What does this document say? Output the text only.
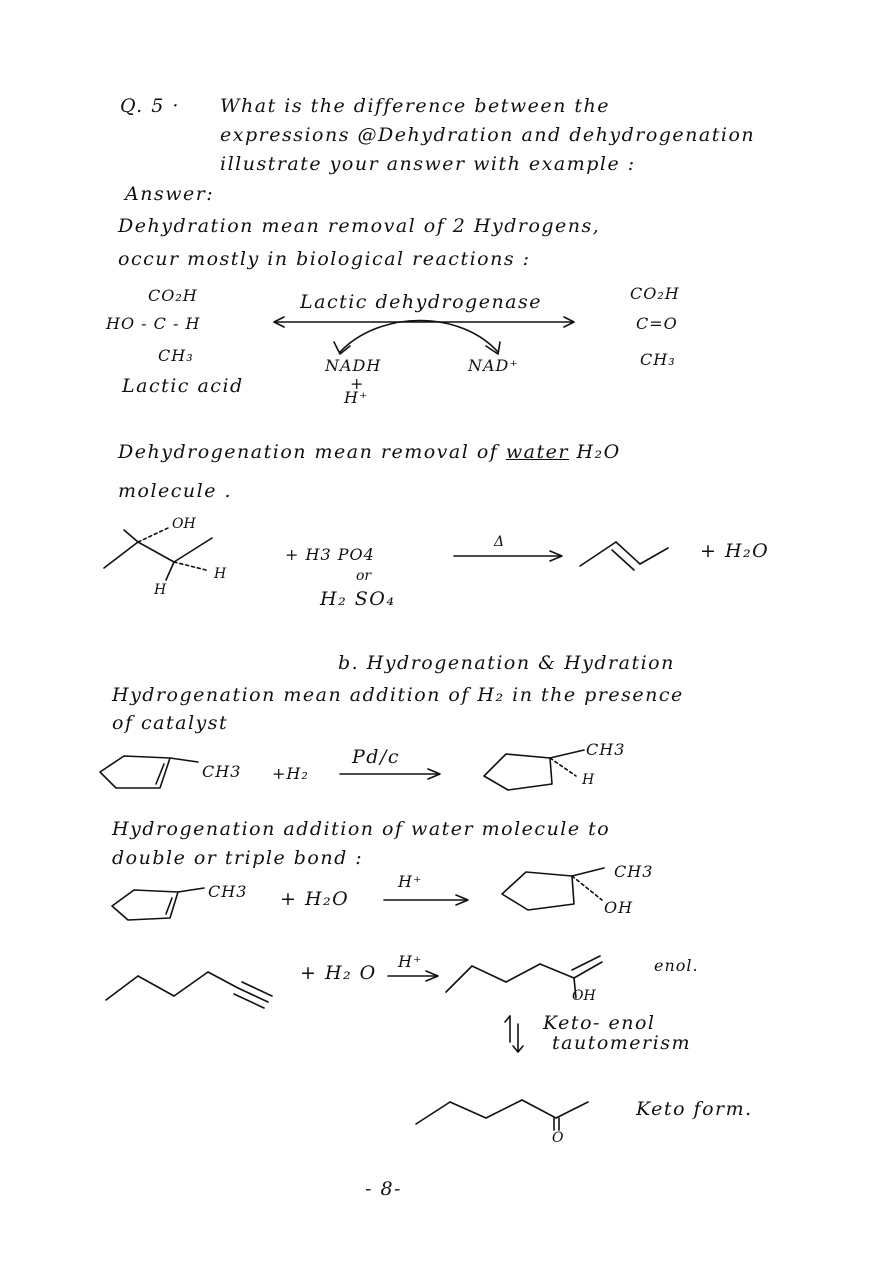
Q. 5 · What is the difference between the
expressions @Dehydration and dehydrogenation
illustrate your answer with example :
Answer:
Dehydration mean removal of 2 Hydrogens,
occur mostly in biological reactions :
CO₂H
HO - C - H
CH₃
Lactic acid
Lactic dehydrogenase
NADH
+
H⁺
NAD⁺
CO₂H
C=O
CH₃
Dehydrogenation mean removal of water H₂O
molecule .
OH
H
H
+ H3 PO4
or
H₂ SO₄
Δ	+ H₂O
b. Hydrogenation & Hydration
Hydrogenation mean addition of H₂ in the presence
of catalyst
CH3 +H₂
Pd/c	CH3
H
Hydrogenation addition of water molecule to
double or triple bond :
CH3 + H₂O
H⁺
CH3
OH
+ H₂ O
H⁺	enol.
OH
Keto- enol
tautomerism
O
Keto form.
- 8-
